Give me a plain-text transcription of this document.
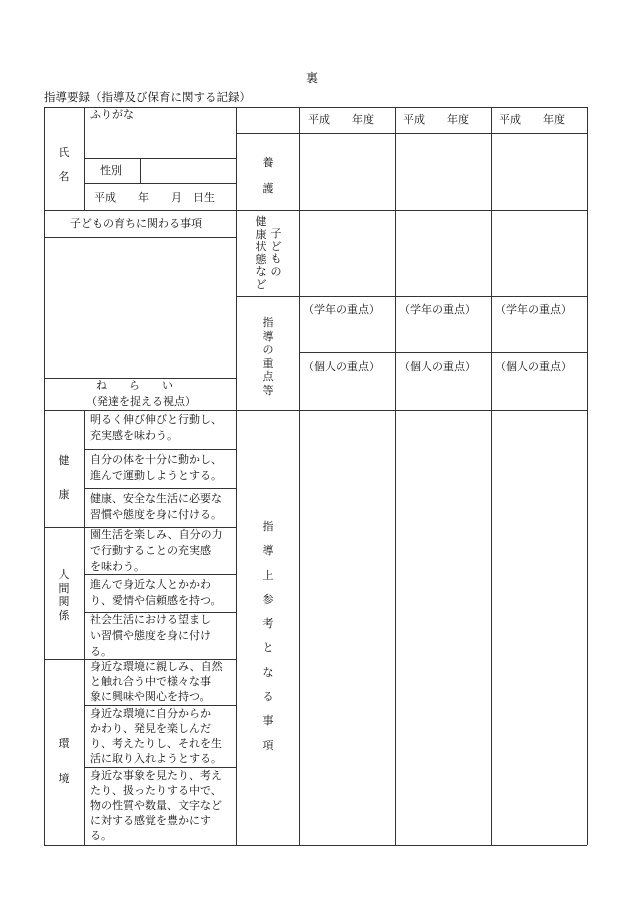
裏
指導要録（指導及び保育に関する記録）
氏
名
ふりがな
性別
平成　　年　　月　日生
平成　　年度	平成　　年度	平成　　年度
養
護
健
康
状
態
な
ど
子
ど
も
の
指
導
の
重
点
等
（学年の重点） （学年の重点） （学年の重点）
（個人の重点） （個人の重点） （個人の重点）
子どもの育ちに関わる事項
ね　　ら　　い
（発達を捉える視点）
指
導
上
参
考
と
な
る
事
項
健
康
明るく伸び伸びと行動し、
充実感を味わう。
自分の体を十分に動かし、
進んで運動しようとする。
健康、安全な生活に必要な
習慣や態度を身に付ける。
人
間
関
係
園生活を楽しみ、自分の力
で行動することの充実感
を味わう。
進んで身近な人とかかわ
り、愛情や信頼感を持つ。
社会生活における望まし
い習慣や態度を身に付け
る。
環
境
身近な環境に親しみ、自然
と触れ合う中で様々な事
象に興味や関心を持つ。
身近な環境に自分からか
かわり、発見を楽しんだ
り、考えたりし、それを生
活に取り入れようとする。
身近な事象を見たり、考え
たり、扱ったりする中で、
物の性質や数量、文字など
に対する感覚を豊かにす
る。
